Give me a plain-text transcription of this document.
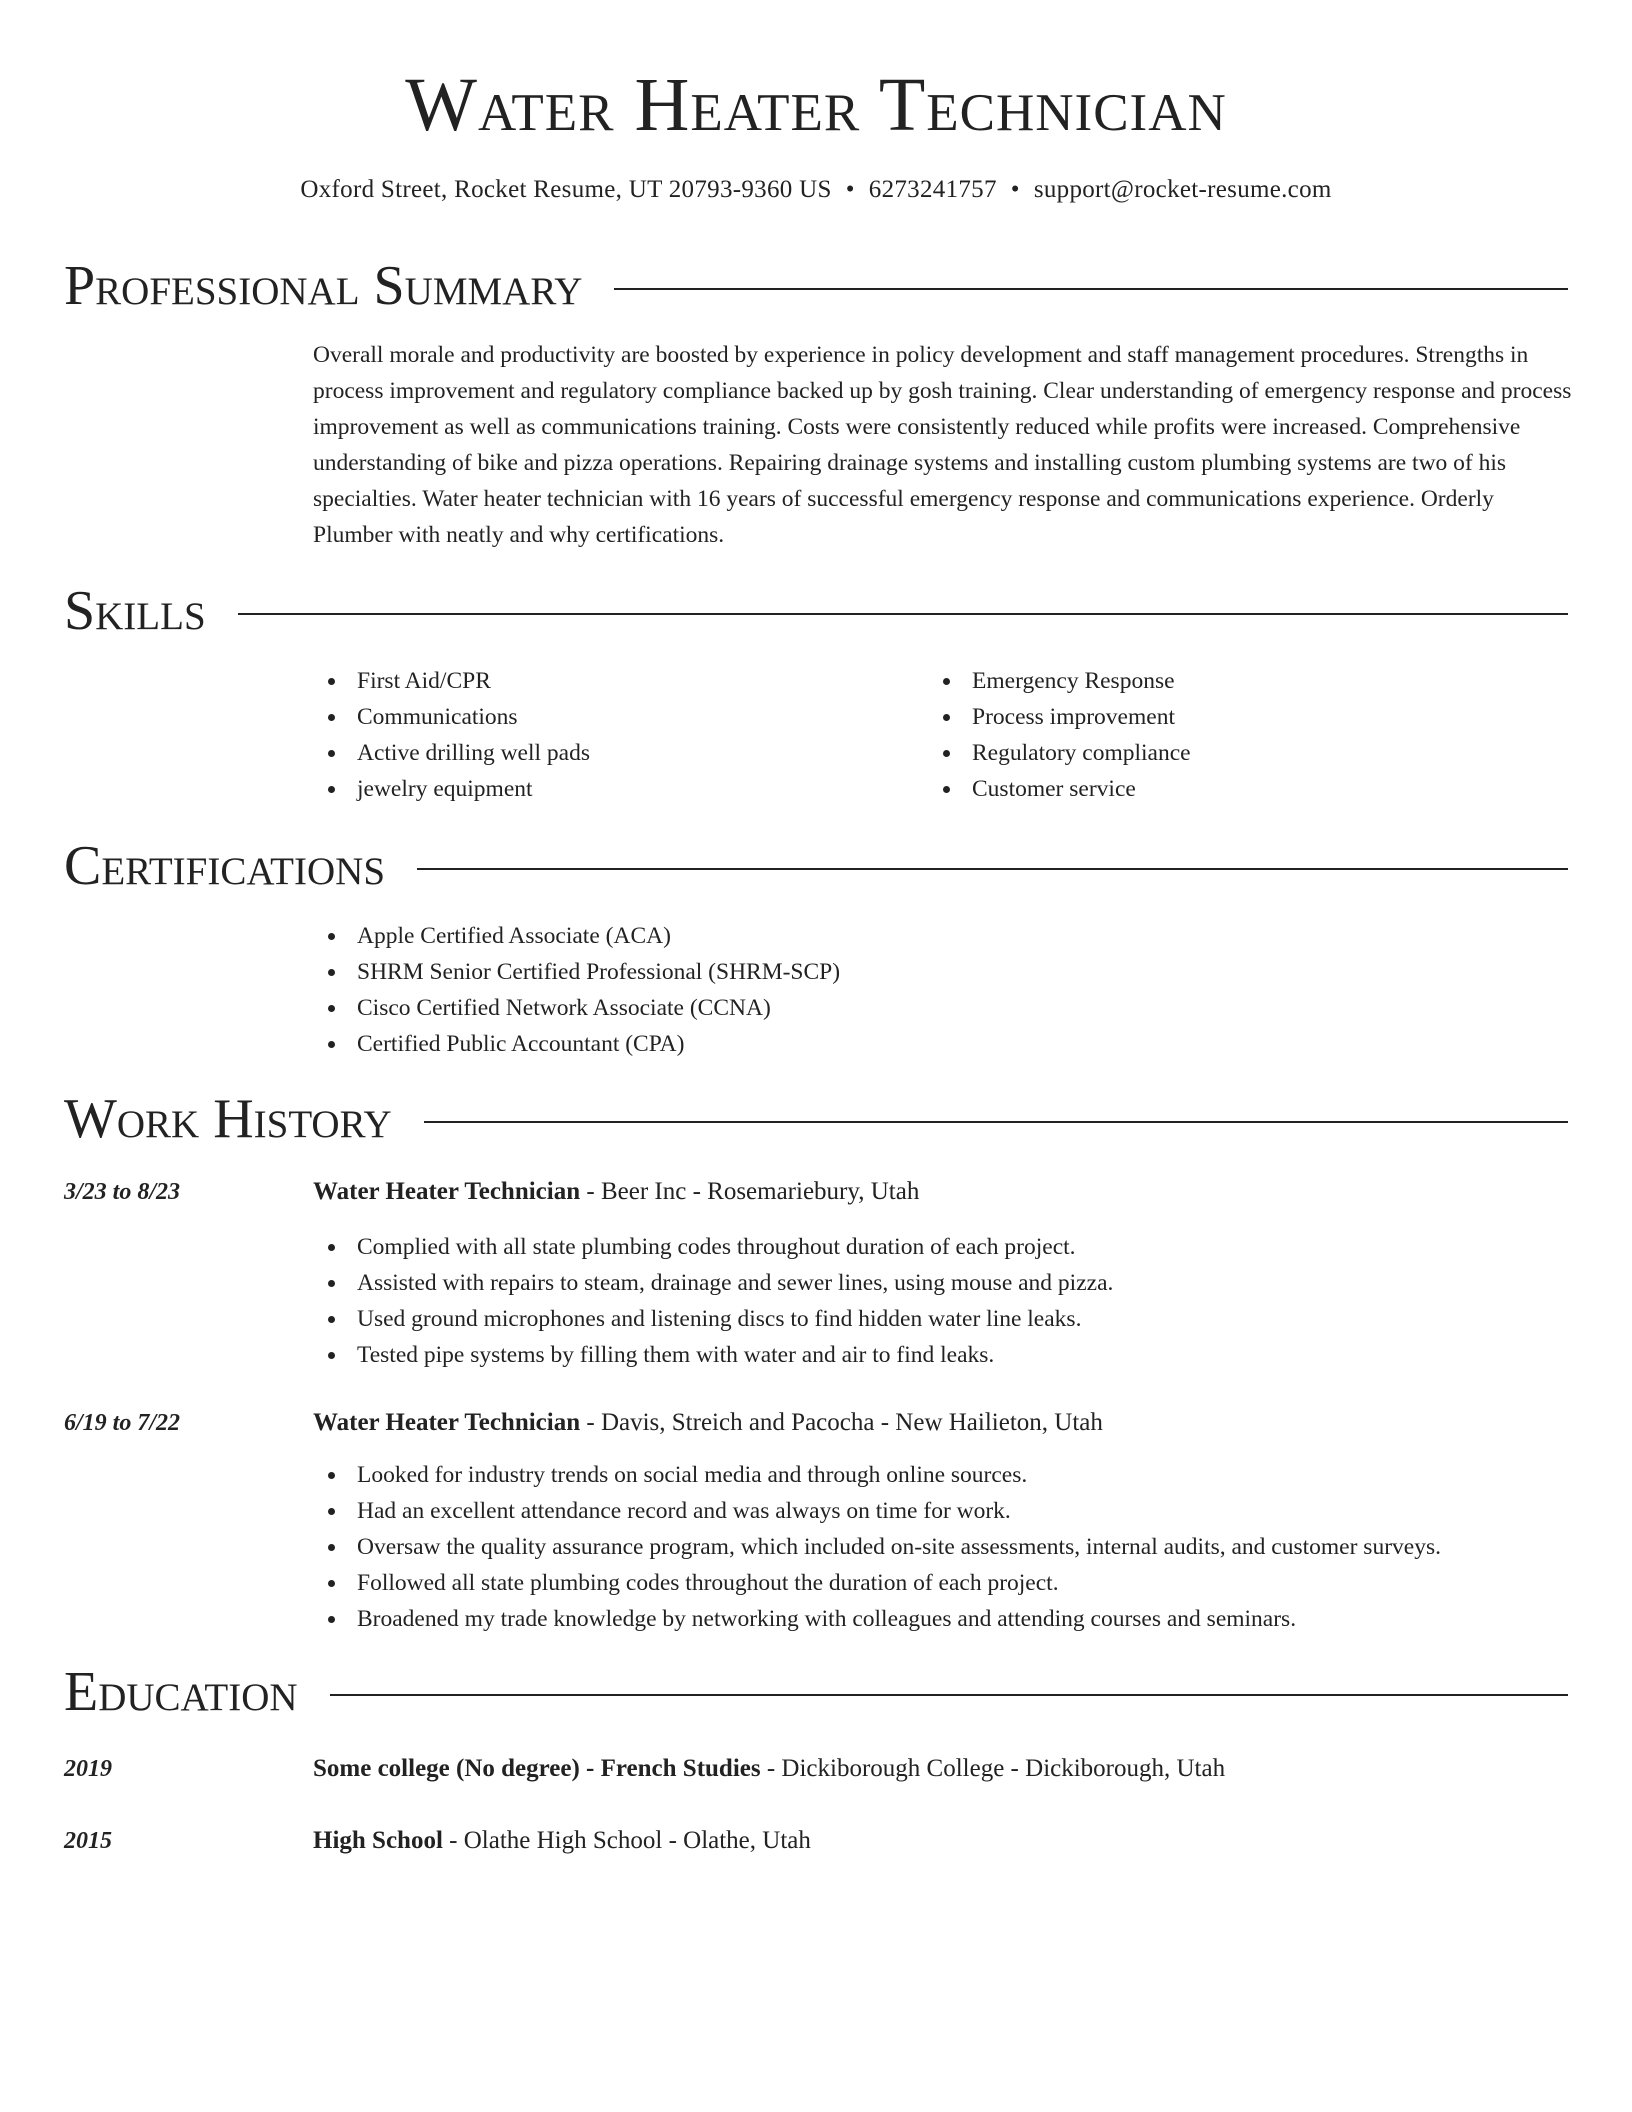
Water Heater Technician
Oxford Street, Rocket Resume, UT 20793-9360 US • 6273241757 • support@rocket-resume.com
Professional Summary

Overall morale and productivity are boosted by experience in policy development and staff management procedures. Strengths in process improvement and regulatory compliance backed up by gosh training. Clear understanding of emergency response and process improvement as well as communications training. Costs were consistently reduced while profits were increased. Comprehensive understanding of bike and pizza operations. Repairing drainage systems and installing custom plumbing systems are two of his specialties. Water heater technician with 16 years of successful emergency response and communications experience. Orderly Plumber with neatly and why certifications.

Skills
First Aid/CPR
Communications
Active drilling well pads
jewelry equipment
Emergency Response
Process improvement
Regulatory compliance
Customer service
Certifications
Apple Certified Associate (ACA)
SHRM Senior Certified Professional (SHRM-SCP)
Cisco Certified Network Associate (CCNA)
Certified Public Accountant (CPA)
Work History
3/23 to 8/23	Water Heater Technician - Beer Inc - Rosemariebury, Utah
Complied with all state plumbing codes throughout duration of each project.
Assisted with repairs to steam, drainage and sewer lines, using mouse and pizza.
Used ground microphones and listening discs to find hidden water line leaks.
Tested pipe systems by filling them with water and air to find leaks.
6/19 to 7/22	Water Heater Technician - Davis, Streich and Pacocha - New Hailieton, Utah
Looked for industry trends on social media and through online sources.
Had an excellent attendance record and was always on time for work.
Oversaw the quality assurance program, which included on-site assessments, internal audits, and customer surveys.
Followed all state plumbing codes throughout the duration of each project.
Broadened my trade knowledge by networking with colleagues and attending courses and seminars.
Education
2019	Some college (No degree) - French Studies - Dickiborough College - Dickiborough, Utah
2015	High School - Olathe High School - Olathe, Utah
